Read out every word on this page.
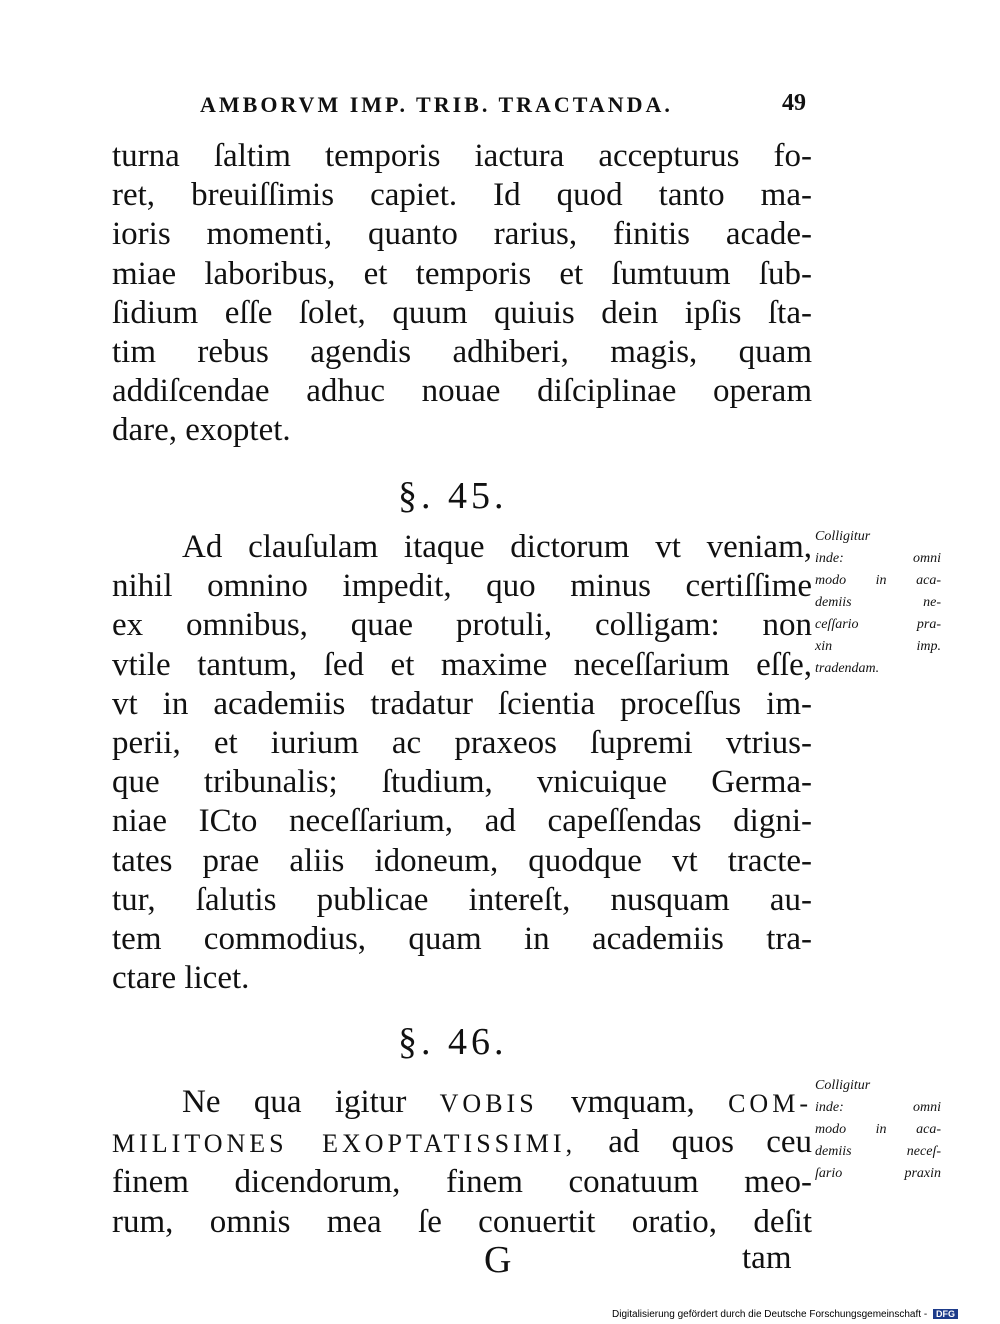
AMBORVM IMP. TRIB. TRACTANDA.	49
turna ſaltim temporis iactura accepturus fo-
ret, breuiſſimis capiet. Id quod tanto ma-
ioris momenti, quanto rarius, finitis acade-
miae laboribus, et temporis et ſumtuum ſub-
ſidium eſſe ſolet, quum quiuis dein ipſis ſta-
tim rebus agendis adhiberi, magis, quam
addiſcendae adhuc nouae diſciplinae operam
dare, exoptet.
§. 45.
Ad clauſulam itaque dictorum vt veniam,
nihil omnino impedit, quo minus certiſſime
ex omnibus, quae protuli, colligam: non
vtile tantum, ſed et maxime neceſſarium eſſe,
vt in academiis tradatur ſcientia proceſſus im-
perii, et iurium ac praxeos ſupremi vtrius-
que tribunalis; ſtudium, vnicuique Germa-
niae ICto neceſſarium, ad capeſſendas digni-
tates prae aliis idoneum, quodque vt tracte-
tur, ſalutis publicae intereſt, nusquam au-
tem commodius, quam in academiis tra-
ctare licet.
§. 46.
Ne qua igitur VOBIS vmquam, COM-
MILITONES EXOPTATISSIMI, ad quos ceu
finem dicendorum, finem conatuum meo-
rum, omnis mea ſe conuertit oratio, deſit
G	tam
Colligitur
inde: omni
modo in aca-
demiis ne-
ceſſario pra-
xin imp.
tradendam.
Colligitur
inde: omni
modo in aca-
demiis neceſ-
ſario praxin
Digitalisierung gefördert durch die Deutsche Forschungsgemeinschaft - DFG
